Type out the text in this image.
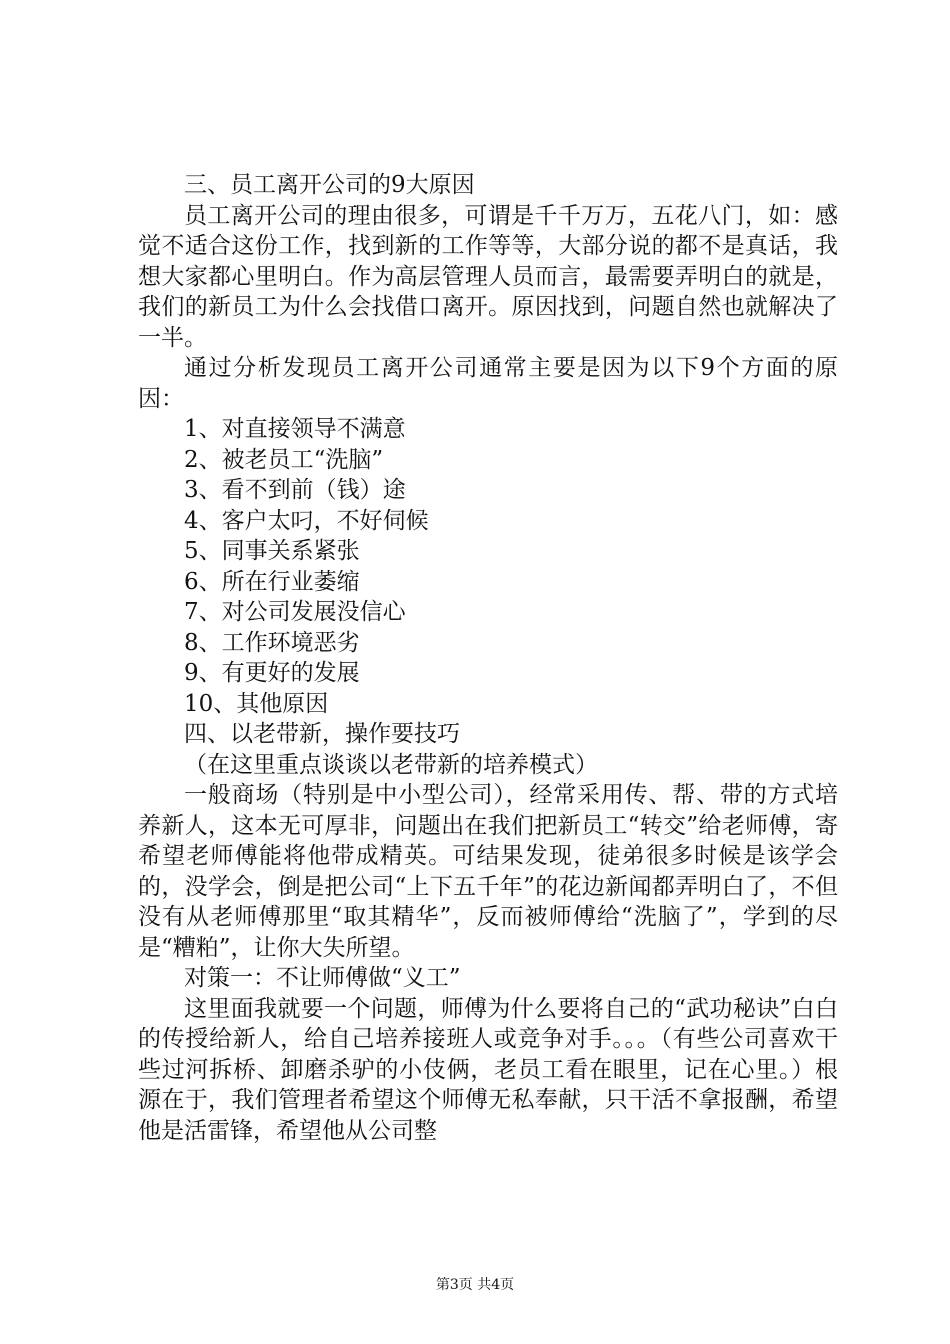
三、员工离开公司的9大原因

员工离开公司的理由很多，可谓是千千万万，五花八门，如：感觉不适合这份工作，找到新的工作等等，大部分说的都不是真话，我想大家都心里明白。作为高层管理人员而言，最需要弄明白的就是，我们的新员工为什么会找借口离开。原因找到，问题自然也就解决了一半。

通过分析发现员工离开公司通常主要是因为以下9个方面的原因：

1、对直接领导不满意

2、被老员工“洗脑”

3、看不到前（钱）途

4、客户太叼，不好伺候

5、同事关系紧张

6、所在行业萎缩

7、对公司发展没信心

8、工作环境恶劣

9、有更好的发展

10、其他原因

四、以老带新，操作要技巧

（在这里重点谈谈以老带新的培养模式）

一般商场（特别是中小型公司），经常采用传、帮、带的方式培养新人，这本无可厚非，问题出在我们把新员工“转交”给老师傅，寄希望老师傅能将他带成精英。可结果发现，徒弟很多时候是该学会的，没学会，倒是把公司“上下五千年”的花边新闻都弄明白了，不但没有从老师傅那里“取其精华”，反而被师傅给“洗脑了”，学到的尽是“糟粕”，让你大失所望。

对策一：不让师傅做“义工”

这里面我就要一个问题，师傅为什么要将自己的“武功秘诀”白白的传授给新人，给自己培养接班人或竞争对手。。。（有些公司喜欢干些过河拆桥、卸磨杀驴的小伎俩，老员工看在眼里，记在心里。）根源在于，我们管理者希望这个师傅无私奉献，只干活不拿报酬，希望他是活雷锋，希望他从公司整

第3页 共4页
